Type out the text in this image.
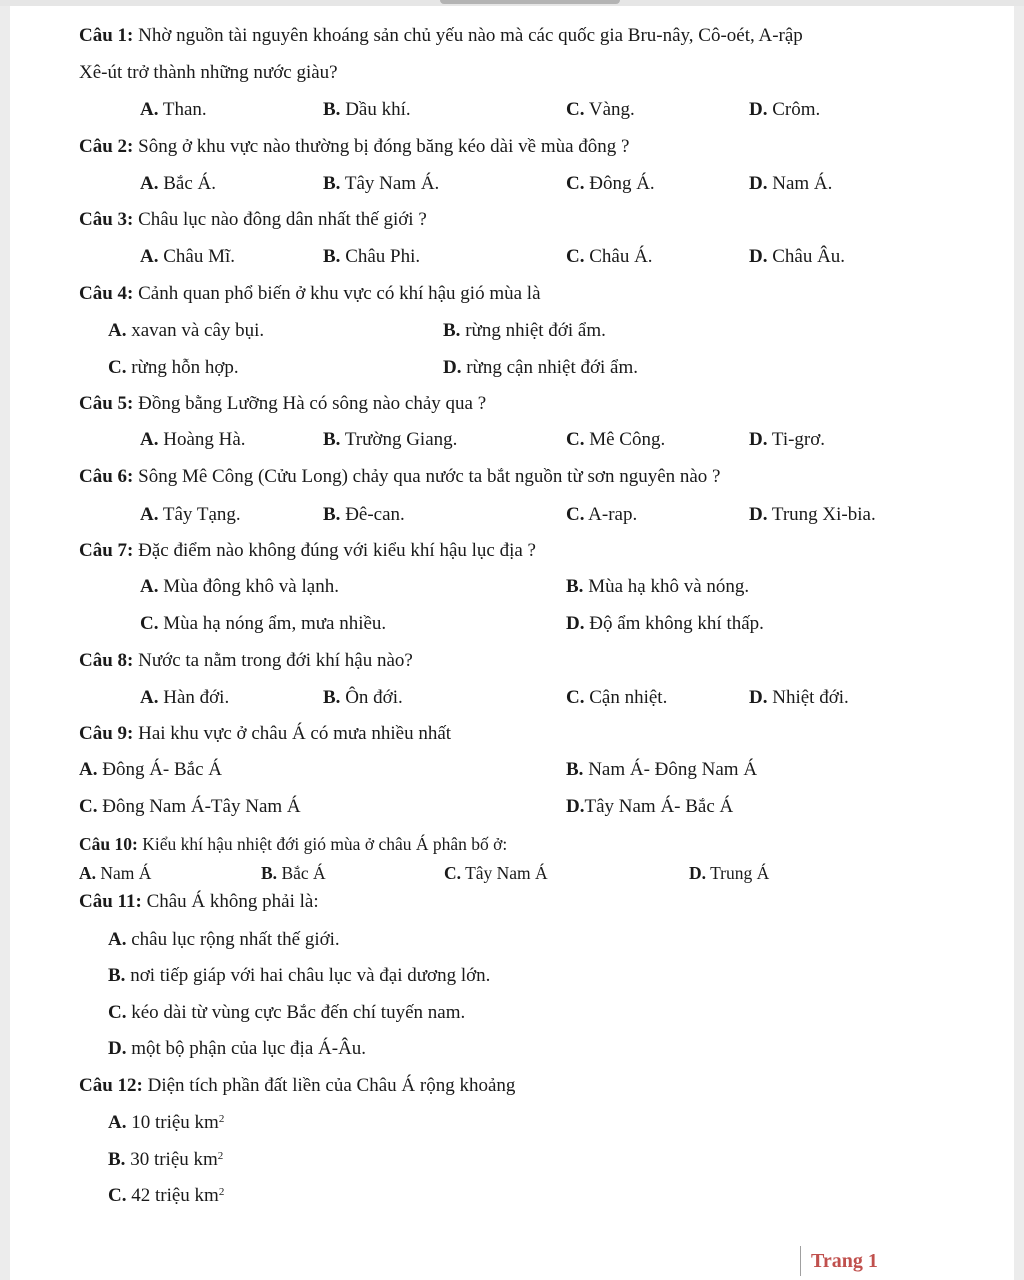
Câu 1: Nhờ nguồn tài nguyên khoáng sản chủ yếu nào mà các quốc gia Bru-nây, Cô-oét, A-rập
Xê-út trở thành những nước giàu?
A. Than.	B. Dầu khí.	C. Vàng.	D. Crôm.
Câu 2: Sông ở khu vực nào thường bị đóng băng kéo dài về mùa đông ?
A. Bắc Á.	B. Tây Nam Á.	C. Đông Á.	D. Nam Á.
Câu 3: Châu lục nào đông dân nhất thế giới ?
A. Châu Mĩ.	B. Châu Phi.	C. Châu Á.	D. Châu Âu.
Câu 4: Cảnh quan phổ biến ở khu vực có khí hậu gió mùa là
A. xavan và cây bụi.	B. rừng nhiệt đới ẩm.
C. rừng hỗn hợp.	D. rừng cận nhiệt đới ẩm.
Câu 5: Đồng bằng Lưỡng Hà có sông nào chảy qua ?
A. Hoàng Hà.	B. Trường Giang.	C. Mê Công.	D. Ti-grơ.
Câu 6: Sông Mê Công (Cửu Long) chảy qua nước ta bắt nguồn từ sơn nguyên nào ?
A. Tây Tạng.	B. Đê-can.	C. A-rap.	D. Trung Xi-bia.
Câu 7: Đặc điểm nào không đúng với kiểu khí hậu lục địa ?
A. Mùa đông khô và lạnh.	B. Mùa hạ khô và nóng.
C. Mùa hạ nóng ẩm, mưa nhiều.	D. Độ ẩm không khí thấp.
Câu 8: Nước ta nằm trong đới khí hậu nào?
A. Hàn đới.	B. Ôn đới.	C. Cận nhiệt.	D. Nhiệt đới.
Câu 9: Hai khu vực ở châu Á có mưa nhiều nhất
A. Đông Á- Bắc Á	B. Nam Á- Đông Nam Á
C. Đông Nam Á-Tây Nam Á	D.Tây Nam Á- Bắc Á
Câu 10: Kiểu khí hậu nhiệt đới gió mùa ở châu Á phân bố ở:
A. Nam Á	B. Bắc Á	C. Tây Nam Á	D. Trung Á
Câu 11: Châu Á không phải là:
A. châu lục rộng nhất thế giới.
B. nơi tiếp giáp với hai châu lục và đại dương lớn.
C. kéo dài từ vùng cực Bắc đến chí tuyến nam.
D. một bộ phận của lục địa Á-Âu.
Câu 12: Diện tích phần đất liền của Châu Á rộng khoảng
A. 10 triệu $km^2$
B. 30 triệu $km^2$
C. 42 triệu $km^2$
Trang 1
